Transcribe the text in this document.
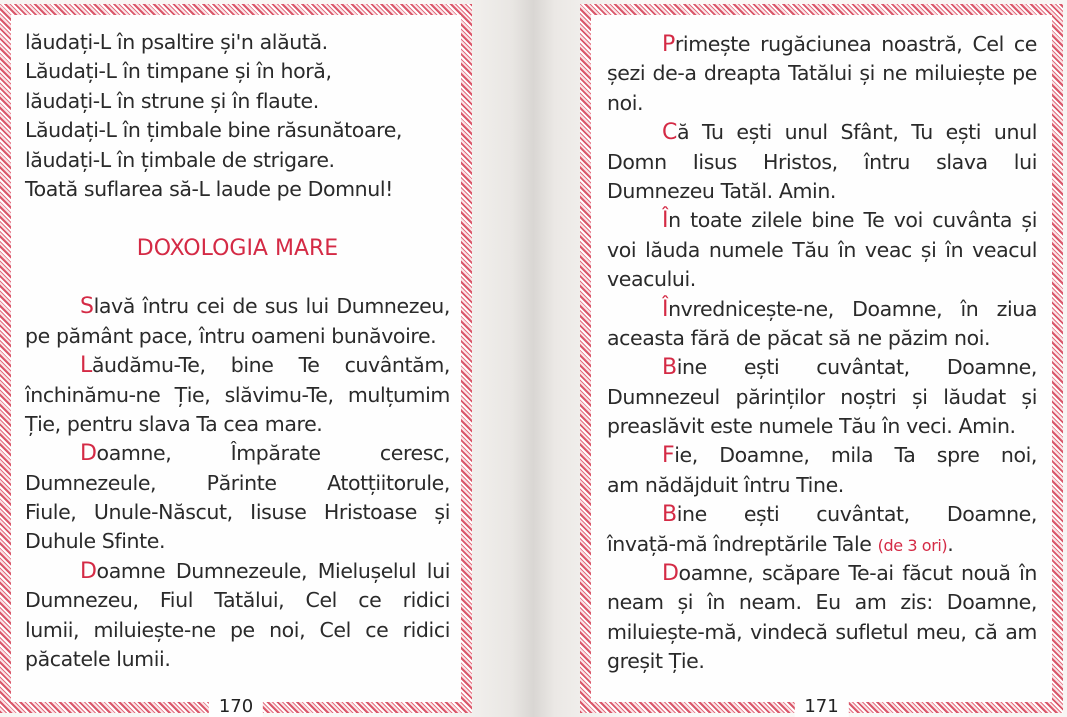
lăudați-L în psaltire și'n alăută.
Lăudați-L în timpane și în horă,
lăudați-L în strune și în flaute.
Lăudați-L în țimbale bine răsunătoare,
lăudați-L în țimbale de strigare.
Toată suflarea să-L laude pe Domnul!
DOXOLOGIA MARE
Slavă întru cei de sus lui Dumnezeu,
pe pământ pace, întru oameni bunăvoire.
Lăudămu-Te, bine Te cuvântăm,
închinămu-ne Ție, slăvimu-Te, mulțumim
Ție, pentru slava Ta cea mare.
Doamne, Împărate ceresc,
Dumnezeule, Părinte Atotțiitorule,
Fiule, Unule-Născut, Iisuse Hristoase și
Duhule Sfinte.
Doamne Dumnezeule, Mielușelul lui
Dumnezeu, Fiul Tatălui, Cel ce ridici
lumii, miluiește-ne pe noi, Cel ce ridici
păcatele lumii.
170
Primește rugăciunea noastră, Cel ce
șezi de-a dreapta Tatălui și ne miluiește pe
noi.
Că Tu ești unul Sfânt, Tu ești unul
Domn Iisus Hristos, întru slava lui
Dumnezeu Tatăl. Amin.
În toate zilele bine Te voi cuvânta și
voi lăuda numele Tău în veac și în veacul
veacului.
Învrednicește-ne, Doamne, în ziua
aceasta fără de păcat să ne păzim noi.
Bine ești cuvântat, Doamne,
Dumnezeul părinților noștri și lăudat și
preaslăvit este numele Tău în veci. Amin.
Fie, Doamne, mila Ta spre noi,
am nădăjduit întru Tine.
Bine ești cuvântat, Doamne,
învață-mă îndreptările Tale (de 3 ori).
Doamne, scăpare Te-ai făcut nouă în
neam și în neam. Eu am zis: Doamne,
miluiește-mă, vindecă sufletul meu, că am
greșit Ție.
171
